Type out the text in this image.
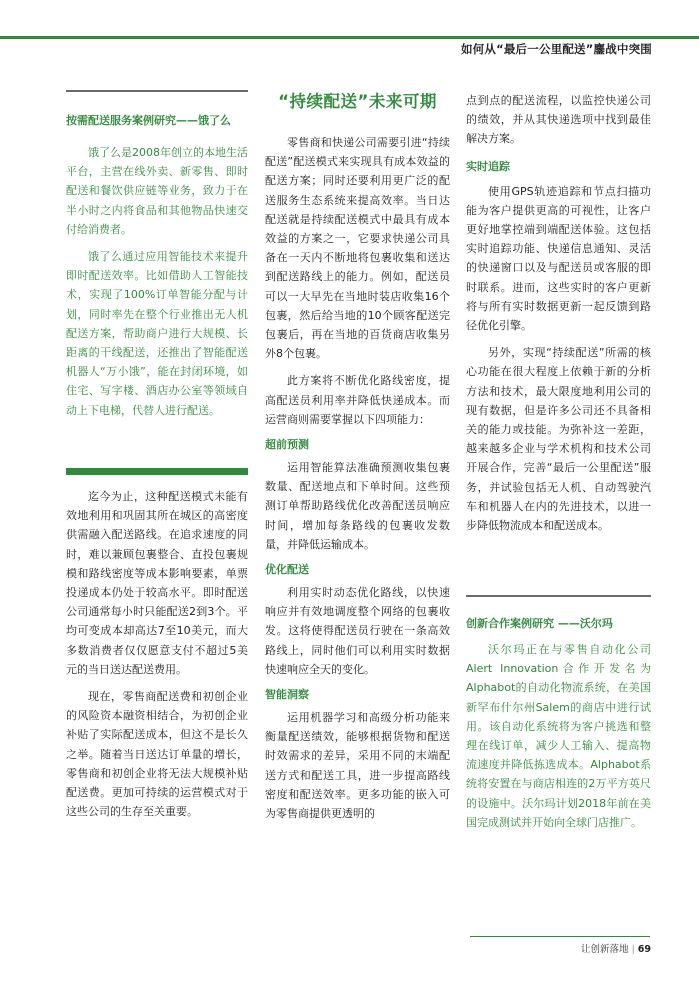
如何从“最后一公里配送”鏖战中突围
按需配送服务案例研究——饿了么

饿了么是2008年创立的本地生活平台，主营在线外卖、新零售、即时配送和餐饮供应链等业务，致力于在半小时之内将食品和其他物品快速交付给消费者。

饿了么通过应用智能技术来提升即时配送效率。比如借助人工智能技术，实现了100%订单智能分配与计划，同时率先在整个行业推出无人机配送方案，帮助商户进行大规模、长距离的干线配送，还推出了智能配送机器人“万小饿”，能在封闭环境，如住宅、写字楼、酒店办公室等领域自动上下电梯，代替人进行配送。

迄今为止，这种配送模式未能有效地利用和巩固其所在城区的高密度供需融入配送路线。在追求速度的同时，难以兼顾包裹整合、直投包裹规模和路线密度等成本影响要素，单票投递成本仍处于较高水平。即时配送公司通常每小时只能配送2到3个。平均可变成本却高达7至10美元，而大多数消费者仅仅愿意支付不超过5美元的当日送达配送费用。

现在，零售商配送费和初创企业的风险资本融资相结合，为初创企业补贴了实际配送成本，但这不是长久之举。随着当日送达订单量的增长，零售商和初创企业将无法大规模补贴配送费。更加可持续的运营模式对于这些公司的生存至关重要。

“持续配送”未来可期

零售商和快递公司需要引进“持续配送”配送模式来实现具有成本效益的配送方案；同时还要利用更广泛的配送服务生态系统来提高效率。当日达配送就是持续配送模式中最具有成本效益的方案之一，它要求快递公司具备在一天内不断地将包裹收集和送达到配送路线上的能力。例如，配送员可以一大早先在当地时装店收集16个包裹，然后给当地的10个顾客配送完包裹后，再在当地的百货商店收集另外8个包裹。

此方案将不断优化路线密度，提高配送员利用率并降低快递成本。而运营商则需要掌握以下四项能力：

超前预测

运用智能算法准确预测收集包裹数量、配送地点和下单时间。这些预测订单帮助路线优化改善配送员响应时间，增加每条路线的包裹收发数量，并降低运输成本。

优化配送

利用实时动态优化路线，以快速响应并有效地调度整个网络的包裹收发。这将使得配送员行驶在一条高效路线上，同时他们可以利用实时数据快速响应全天的变化。

智能洞察

运用机器学习和高级分析功能来衡量配送绩效，能够根据货物和配送时效需求的差异，采用不同的末端配送方式和配送工具，进一步提高路线密度和配送效率。更多功能的嵌入可为零售商提供更透明的

点到点的配送流程，以监控快递公司的绩效，并从其快递选项中找到最佳解决方案。

实时追踪

使用GPS轨迹追踪和节点扫描功能为客户提供更高的可视性，让客户更好地掌控端到端配送体验。这包括实时追踪功能、快递信息通知、灵活的快递窗口以及与配送员或客服的即时联系。进而，这些实时的客户更新将与所有实时数据更新一起反馈到路径优化引擎。

另外，实现“持续配送”所需的核心功能在很大程度上依赖于新的分析方法和技术，最大限度地利用公司的现有数据，但是许多公司还不具备相关的能力或技能。为弥补这一差距，越来越多企业与学术机构和技术公司开展合作，完善“最后一公里配送”服务，并试验包括无人机、自动驾驶汽车和机器人在内的先进技术，以进一步降低物流成本和配送成本。

创新合作案例研究 ——沃尔玛

沃尔玛正在与零售自动化公司Alert Innovation合作开发名为Alphabot的自动化物流系统，在美国新罕布什尔州Salem的商店中进行试用。该自动化系统将为客户挑选和整理在线订单，减少人工输入、提高物流速度并降低拣选成本。Alphabot系统将安置在与商店相连的2万平方英尺的设施中。沃尔玛计划2018年前在美国完成测试并开始向全球门店推广。

让创新落地 | 69
